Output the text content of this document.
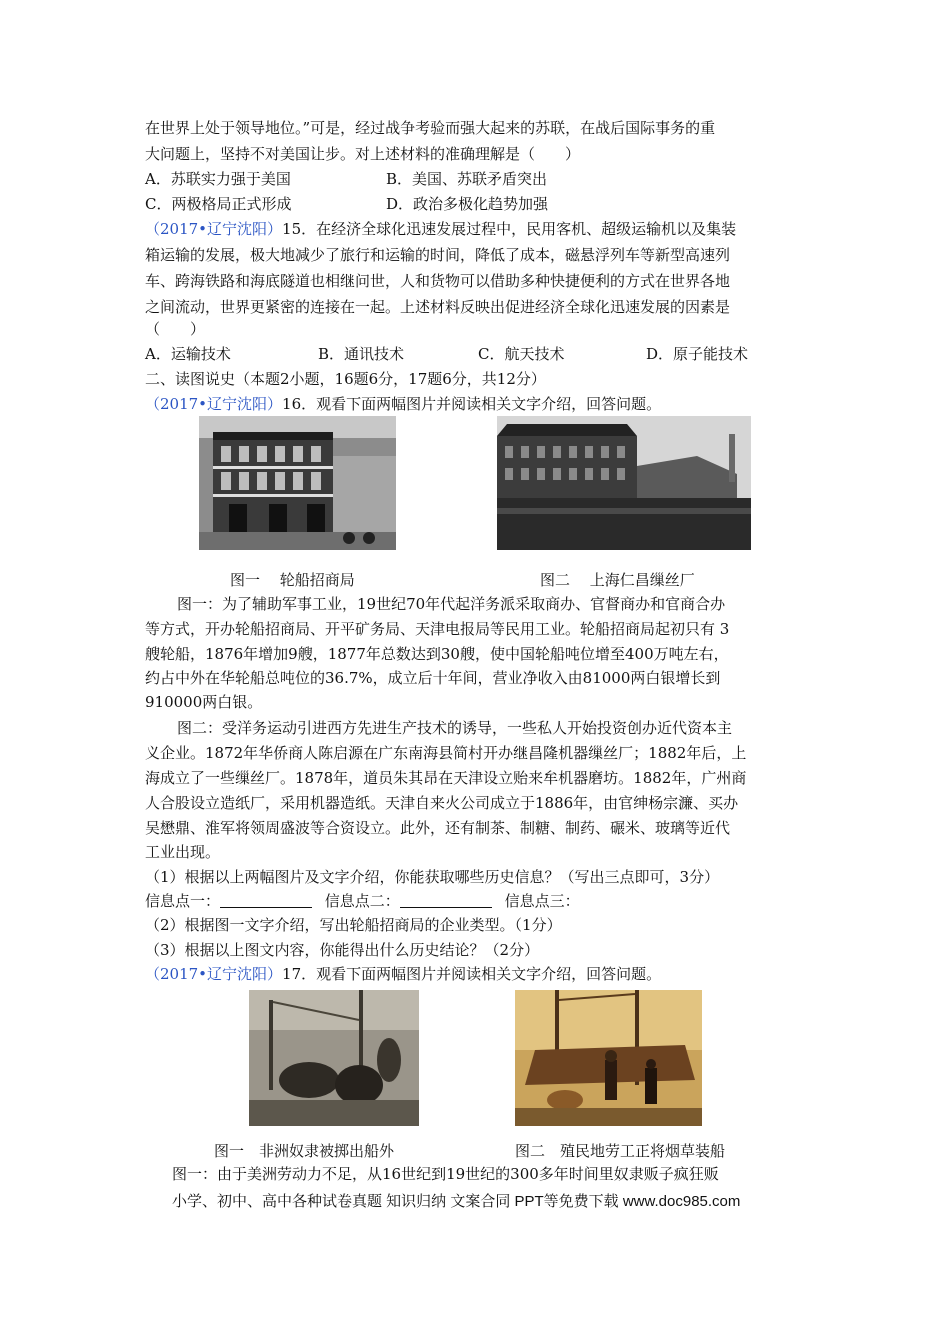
在世界上处于领导地位。”可是，经过战争考验而强大起来的苏联，在战后国际事务的重
大问题上，坚持不对美国让步。对上述材料的准确理解是（　　）
A．苏联实力强于美国	B．美国、苏联矛盾突出
C．两极格局正式形成	D．政治多极化趋势加强
（2017•辽宁沈阳）15．在经济全球化迅速发展过程中，民用客机、超级运输机以及集装
箱运输的发展，极大地减少了旅行和运输的时间，降低了成本，磁悬浮列车等新型高速列
车、跨海铁路和海底隧道也相继问世，人和货物可以借助多种快捷便利的方式在世界各地
之间流动，世界更紧密的连接在一起。上述材料反映出促进经济全球化迅速发展的因素是
（　　）
A．运输技术	B．通讯技术	C．航天技术	D．原子能技术
二、读图说史（本题2小题，16题6分，17题6分，共12分）
（2017•辽宁沈阳）16．观看下面两幅图片并阅读相关文字介绍，回答问题。
图一　 轮船招商局	图二　 上海仁昌缫丝厂
图一：为了辅助军事工业，19世纪70年代起洋务派采取商办、官督商办和官商合办
等方式，开办轮船招商局、开平矿务局、天津电报局等民用工业。轮船招商局起初只有 3
艘轮船，1876年增加9艘，1877年总数达到30艘，使中国轮船吨位增至400万吨左右，
约占中外在华轮船总吨位的36.7%，成立后十年间，营业净收入由81000两白银增长到
910000两白银。
图二：受洋务运动引进西方先进生产技术的诱导，一些私人开始投资创办近代资本主
义企业。1872年华侨商人陈启源在广东南海县简村开办继昌隆机器缫丝厂；1882年后，上
海成立了一些缫丝厂。1878年，道员朱其昂在天津设立贻来牟机器磨坊。1882年，广州商
人合股设立造纸厂，采用机器造纸。天津自来火公司成立于1886年，由官绅杨宗濂、买办
吴懋鼎、淮军将领周盛波等合资设立。此外，还有制茶、制糖、制药、碾米、玻璃等近代
工业出现。
（1）根据以上两幅图片及文字介绍，你能获取哪些历史信息？（写出三点即可，3分）
信息点一：	信息点二：	信息点三：
（2）根据图一文字介绍，写出轮船招商局的企业类型。（1分）
（3）根据以上图文内容，你能得出什么历史结论？（2分）
（2017•辽宁沈阳）17．观看下面两幅图片并阅读相关文字介绍，回答问题。
图一　非洲奴隶被掷出船外	图二　殖民地劳工正将烟草装船
图一：由于美洲劳动力不足，从16世纪到19世纪的300多年时间里奴隶贩子疯狂贩
小学、初中、高中各种试卷真题 知识归纳 文案合同 PPT等免费下载 www.doc985.com
